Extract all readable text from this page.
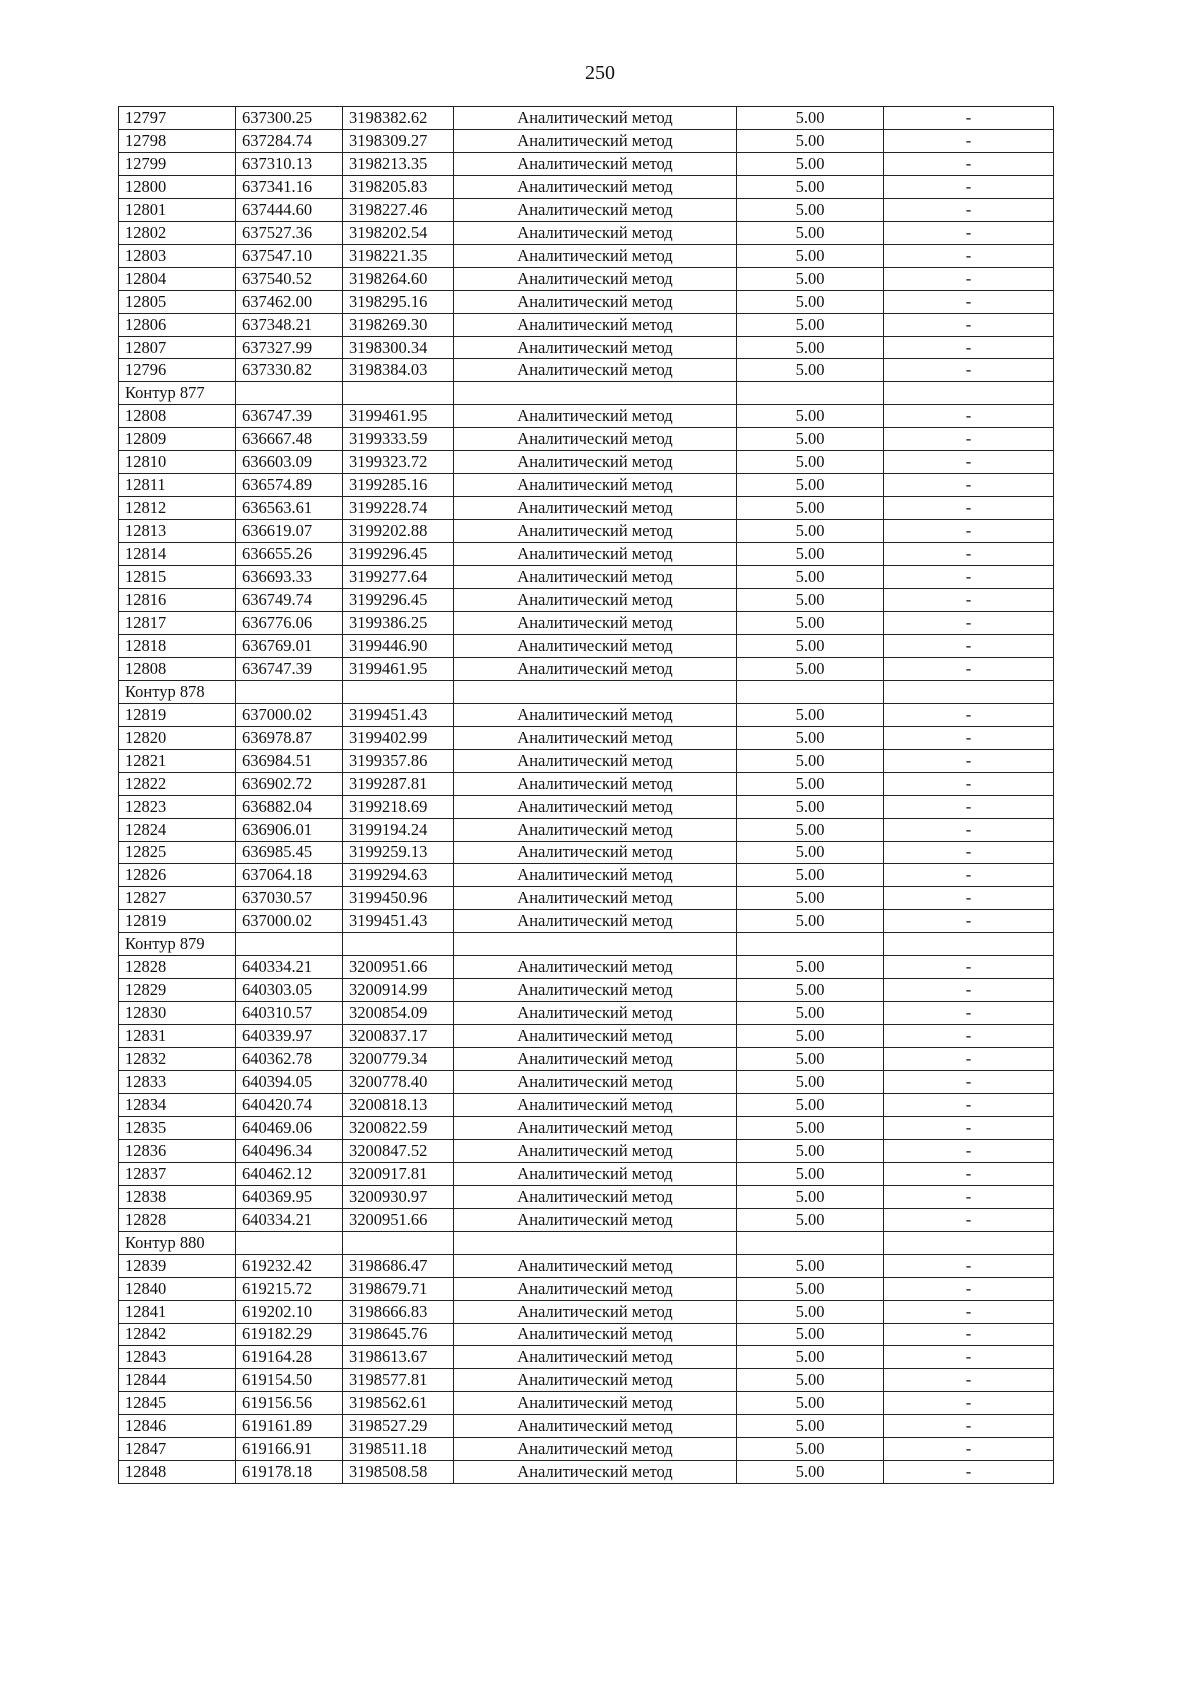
250
12797	637300.25	3198382.62	Аналитический метод	5.00	-
12798	637284.74	3198309.27	Аналитический метод	5.00	-
12799	637310.13	3198213.35	Аналитический метод	5.00	-
12800	637341.16	3198205.83	Аналитический метод	5.00	-
12801	637444.60	3198227.46	Аналитический метод	5.00	-
12802	637527.36	3198202.54	Аналитический метод	5.00	-
12803	637547.10	3198221.35	Аналитический метод	5.00	-
12804	637540.52	3198264.60	Аналитический метод	5.00	-
12805	637462.00	3198295.16	Аналитический метод	5.00	-
12806	637348.21	3198269.30	Аналитический метод	5.00	-
12807	637327.99	3198300.34	Аналитический метод	5.00	-
12796	637330.82	3198384.03	Аналитический метод	5.00	-
Контур 877					
12808	636747.39	3199461.95	Аналитический метод	5.00	-
12809	636667.48	3199333.59	Аналитический метод	5.00	-
12810	636603.09	3199323.72	Аналитический метод	5.00	-
12811	636574.89	3199285.16	Аналитический метод	5.00	-
12812	636563.61	3199228.74	Аналитический метод	5.00	-
12813	636619.07	3199202.88	Аналитический метод	5.00	-
12814	636655.26	3199296.45	Аналитический метод	5.00	-
12815	636693.33	3199277.64	Аналитический метод	5.00	-
12816	636749.74	3199296.45	Аналитический метод	5.00	-
12817	636776.06	3199386.25	Аналитический метод	5.00	-
12818	636769.01	3199446.90	Аналитический метод	5.00	-
12808	636747.39	3199461.95	Аналитический метод	5.00	-
Контур 878					
12819	637000.02	3199451.43	Аналитический метод	5.00	-
12820	636978.87	3199402.99	Аналитический метод	5.00	-
12821	636984.51	3199357.86	Аналитический метод	5.00	-
12822	636902.72	3199287.81	Аналитический метод	5.00	-
12823	636882.04	3199218.69	Аналитический метод	5.00	-
12824	636906.01	3199194.24	Аналитический метод	5.00	-
12825	636985.45	3199259.13	Аналитический метод	5.00	-
12826	637064.18	3199294.63	Аналитический метод	5.00	-
12827	637030.57	3199450.96	Аналитический метод	5.00	-
12819	637000.02	3199451.43	Аналитический метод	5.00	-
Контур 879					
12828	640334.21	3200951.66	Аналитический метод	5.00	-
12829	640303.05	3200914.99	Аналитический метод	5.00	-
12830	640310.57	3200854.09	Аналитический метод	5.00	-
12831	640339.97	3200837.17	Аналитический метод	5.00	-
12832	640362.78	3200779.34	Аналитический метод	5.00	-
12833	640394.05	3200778.40	Аналитический метод	5.00	-
12834	640420.74	3200818.13	Аналитический метод	5.00	-
12835	640469.06	3200822.59	Аналитический метод	5.00	-
12836	640496.34	3200847.52	Аналитический метод	5.00	-
12837	640462.12	3200917.81	Аналитический метод	5.00	-
12838	640369.95	3200930.97	Аналитический метод	5.00	-
12828	640334.21	3200951.66	Аналитический метод	5.00	-
Контур 880					
12839	619232.42	3198686.47	Аналитический метод	5.00	-
12840	619215.72	3198679.71	Аналитический метод	5.00	-
12841	619202.10	3198666.83	Аналитический метод	5.00	-
12842	619182.29	3198645.76	Аналитический метод	5.00	-
12843	619164.28	3198613.67	Аналитический метод	5.00	-
12844	619154.50	3198577.81	Аналитический метод	5.00	-
12845	619156.56	3198562.61	Аналитический метод	5.00	-
12846	619161.89	3198527.29	Аналитический метод	5.00	-
12847	619166.91	3198511.18	Аналитический метод	5.00	-
12848	619178.18	3198508.58	Аналитический метод	5.00	-
